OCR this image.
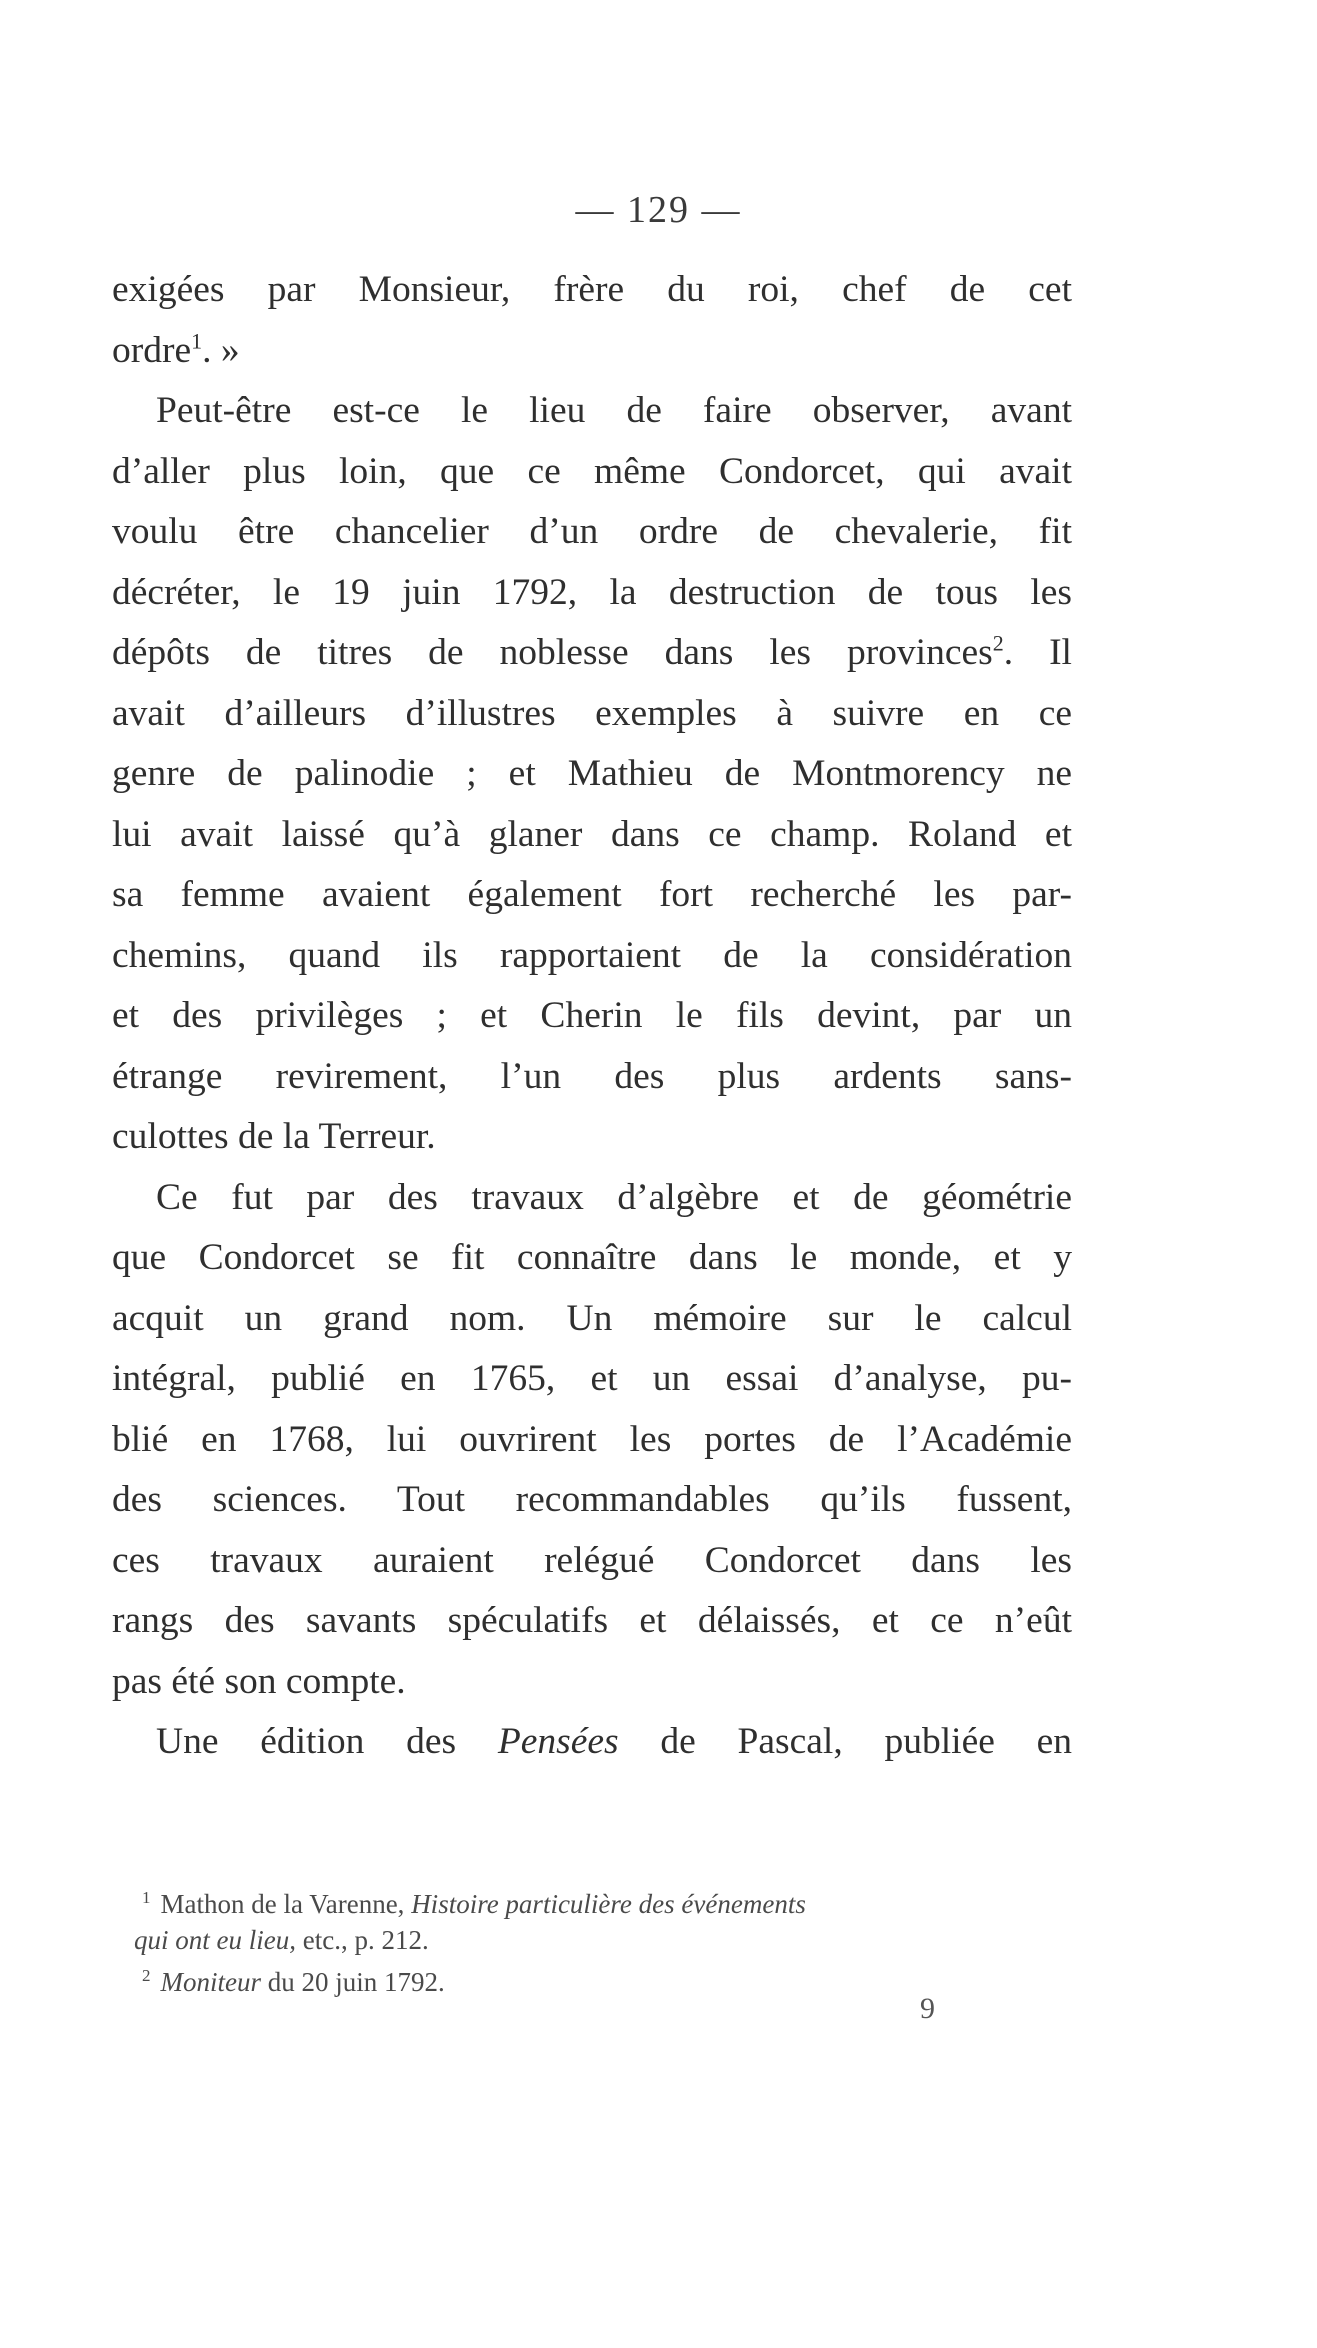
— 129 —
exigées par Monsieur, frère du roi, chef de cet
ordre$^1$. »
Peut-être est-ce le lieu de faire observer, avant
d’aller plus loin, que ce même Condorcet, qui avait
voulu être chancelier d’un ordre de chevalerie, fit
décréter, le 19 juin 1792, la destruction de tous les
dépôts de titres de noblesse dans les provinces$^2$. Il
avait d’ailleurs d’illustres exemples à suivre en ce
genre de palinodie ; et Mathieu de Montmorency ne
lui avait laissé qu’à glaner dans ce champ. Roland et
sa femme avaient également fort recherché les par-
chemins, quand ils rapportaient de la considération
et des privilèges ; et Cherin le fils devint, par un
étrange revirement, l’un des plus ardents sans-
culottes de la Terreur.
Ce fut par des travaux d’algèbre et de géométrie
que Condorcet se fit connaître dans le monde, et y
acquit un grand nom. Un mémoire sur le calcul
intégral, publié en 1765, et un essai d’analyse, pu-
blié en 1768, lui ouvrirent les portes de l’Académie
des sciences. Tout recommandables qu’ils fussent,
ces travaux auraient relégué Condorcet dans les
rangs des savants spéculatifs et délaissés, et ce n’eût
pas été son compte.
Une édition des Pensées de Pascal, publiée en
$^1$ Mathon de la Varenne, Histoire particulière des événements
qui ont eu lieu, etc., p. 212.
$^2$ Moniteur du 20 juin 1792.
9
